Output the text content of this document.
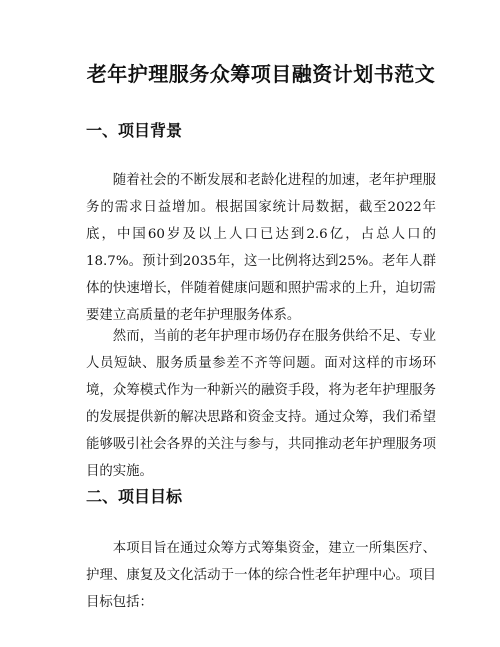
老年护理服务众筹项目融资计划书范文
一、项目背景

随着社会的不断发展和老龄化进程的加速，老年护理服务的需求日益增加。根据国家统计局数据，截至2022年底，中国60岁及以上人口已达到2.6亿，占总人口的18.7%。预计到2035年，这一比例将达到25%。老年人群体的快速增长，伴随着健康问题和照护需求的上升，迫切需要建立高质量的老年护理服务体系。

然而，当前的老年护理市场仍存在服务供给不足、专业人员短缺、服务质量参差不齐等问题。面对这样的市场环境，众筹模式作为一种新兴的融资手段，将为老年护理服务的发展提供新的解决思路和资金支持。通过众筹，我们希望能够吸引社会各界的关注与参与，共同推动老年护理服务项目的实施。

二、项目目标

本项目旨在通过众筹方式筹集资金，建立一所集医疗、护理、康复及文化活动于一体的综合性老年护理中心。项目目标包括：
